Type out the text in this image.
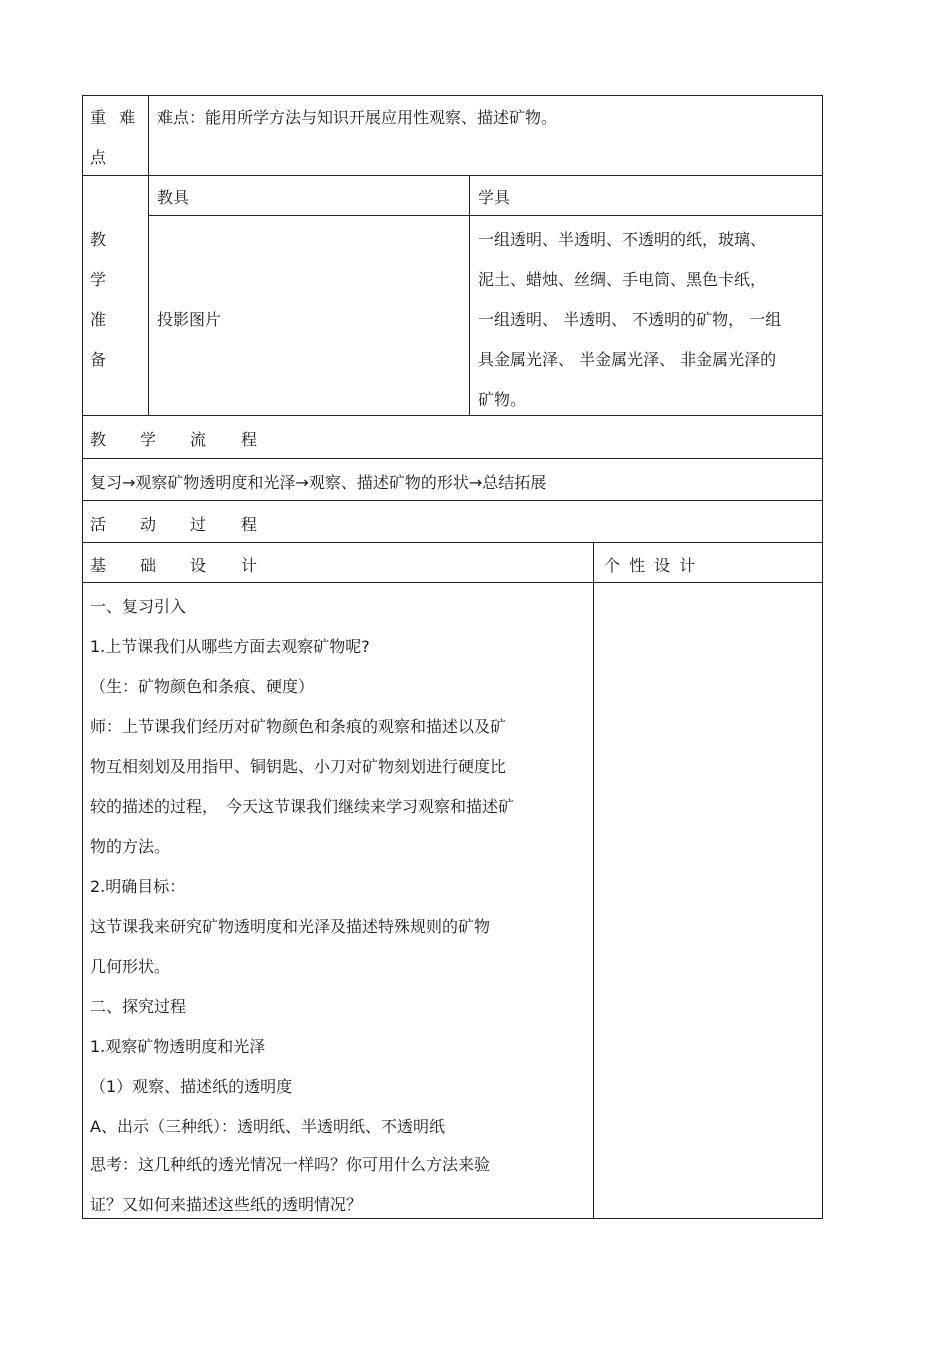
重 难
点
难点：能用所学方法与知识开展应用性观察、描述矿物。
教
学
准
备
教具	学具
投影图片
一组透明、半透明、不透明的纸，玻璃、
泥土、蜡烛、丝绸、手电筒、黑色卡纸，
一组透明、 半透明、 不透明的矿物， 一组
具金属光泽、 半金属光泽、 非金属光泽的
矿物。
教 学 流 程
复习→观察矿物透明度和光泽→观察、描述矿物的形状→总结拓展
活 动 过 程
基 础 设 计	个 性 设 计
一、复习引入
1.上节课我们从哪些方面去观察矿物呢?
（生：矿物颜色和条痕、硬度）
师：上节课我们经历对矿物颜色和条痕的观察和描述以及矿
物互相刻划及用指甲、铜钥匙、小刀对矿物刻划进行硬度比
较的描述的过程，　今天这节课我们继续来学习观察和描述矿
物的方法。
2.明确目标：
这节课我来研究矿物透明度和光泽及描述特殊规则的矿物
几何形状。
二、探究过程
1.观察矿物透明度和光泽
（1）观察、描述纸的透明度
A、出示（三种纸）：透明纸、半透明纸、不透明纸
思考：这几种纸的透光情况一样吗？你可用什么方法来验
证？又如何来描述这些纸的透明情况？
